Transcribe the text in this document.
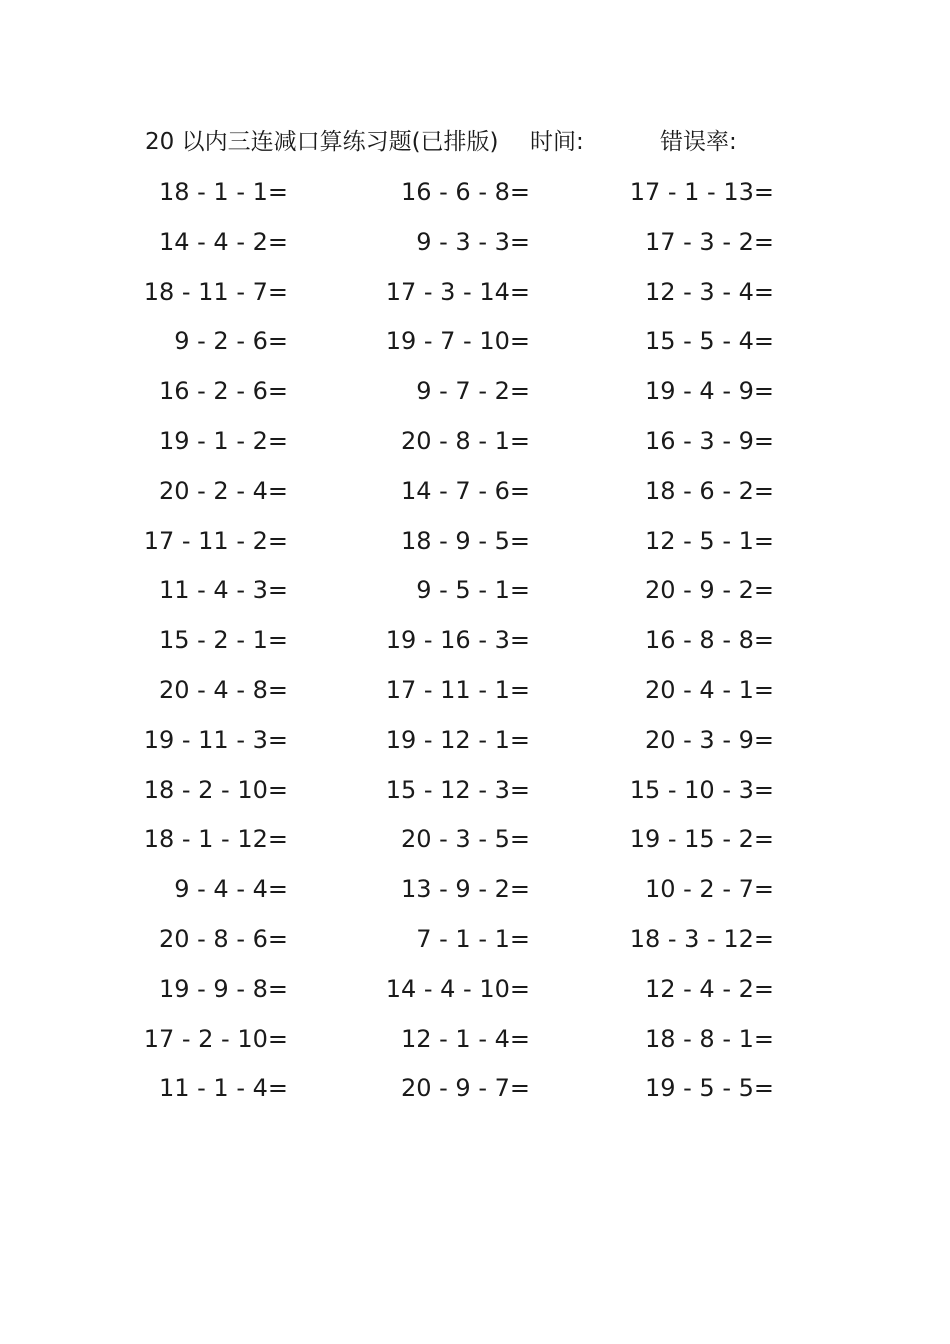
20 以内三连减口算练习题(已排版) 时间:	错误率:
18 - 1 - 1=	16 - 6 - 8=	17 - 1 - 13=
14 - 4 - 2=	9 - 3 - 3=	17 - 3 - 2=
18 - 11 - 7=	17 - 3 - 14=	12 - 3 - 4=
9 - 2 - 6=	19 - 7 - 10=	15 - 5 - 4=
16 - 2 - 6=	9 - 7 - 2=	19 - 4 - 9=
19 - 1 - 2=	20 - 8 - 1=	16 - 3 - 9=
20 - 2 - 4=	14 - 7 - 6=	18 - 6 - 2=
17 - 11 - 2=	18 - 9 - 5=	12 - 5 - 1=
11 - 4 - 3=	9 - 5 - 1=	20 - 9 - 2=
15 - 2 - 1=	19 - 16 - 3=	16 - 8 - 8=
20 - 4 - 8=	17 - 11 - 1=	20 - 4 - 1=
19 - 11 - 3=	19 - 12 - 1=	20 - 3 - 9=
18 - 2 - 10=	15 - 12 - 3=	15 - 10 - 3=
18 - 1 - 12=	20 - 3 - 5=	19 - 15 - 2=
9 - 4 - 4=	13 - 9 - 2=	10 - 2 - 7=
20 - 8 - 6=	7 - 1 - 1=	18 - 3 - 12=
19 - 9 - 8=	14 - 4 - 10=	12 - 4 - 2=
17 - 2 - 10=	12 - 1 - 4=	18 - 8 - 1=
11 - 1 - 4=	20 - 9 - 7=	19 - 5 - 5=
